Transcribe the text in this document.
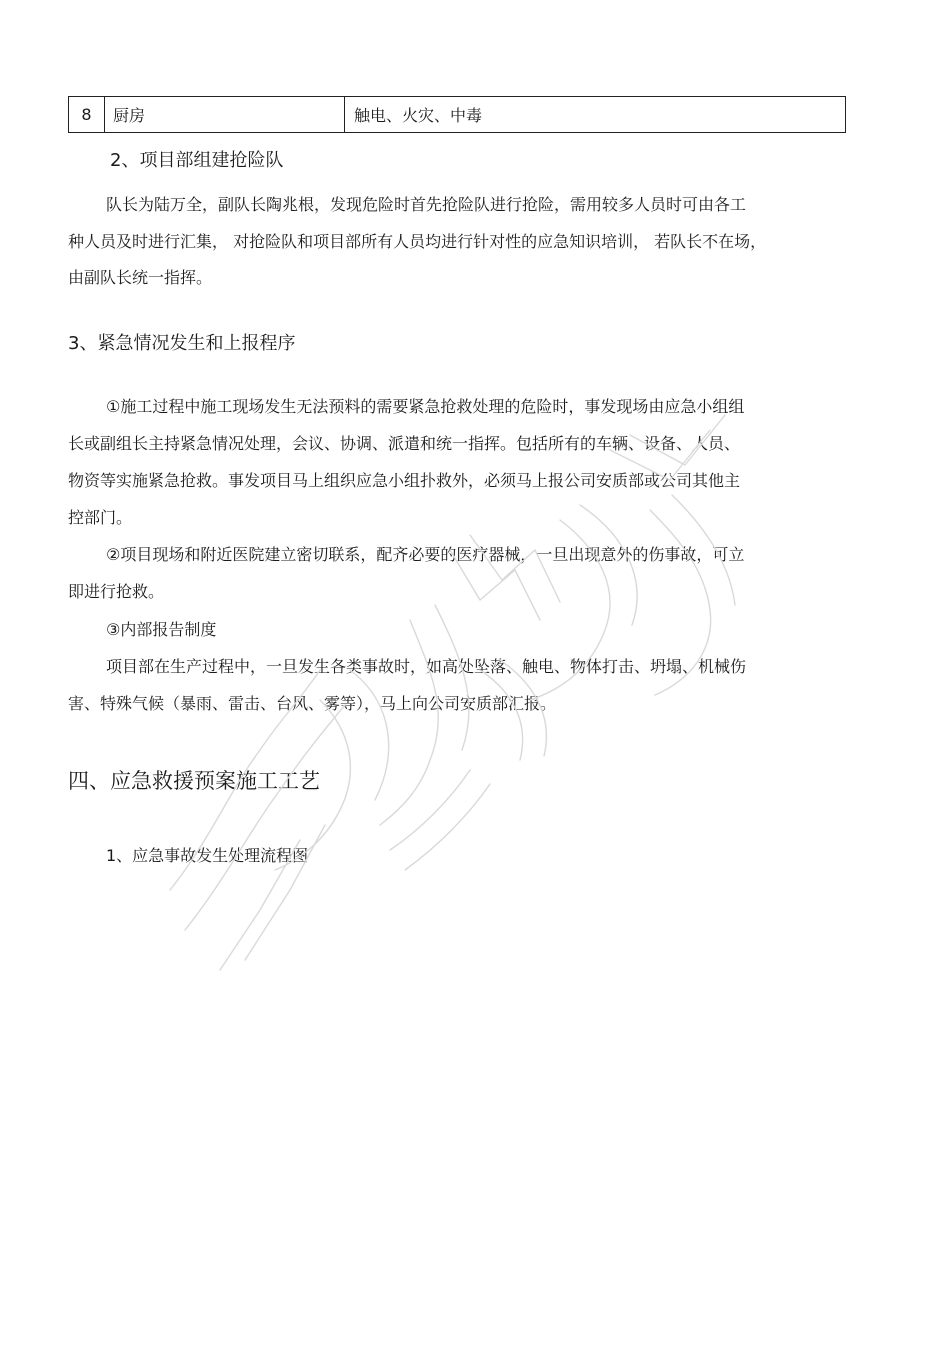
8	厨房	触电、火灾、中毒
2、项目部组建抢险队
队长为陆万全，副队长陶兆根，发现危险时首先抢险队进行抢险，需用较多人员时可由各工
种人员及时进行汇集， 对抢险队和项目部所有人员均进行针对性的应急知识培训， 若队长不在场，
由副队长统一指挥。
3、紧急情况发生和上报程序
①施工过程中施工现场发生无法预料的需要紧急抢救处理的危险时，事发现场由应急小组组
长或副组长主持紧急情况处理，会议、协调、派遣和统一指挥。包括所有的车辆、设备、人员、
物资等实施紧急抢救。事发项目马上组织应急小组扑救外，必须马上报公司安质部或公司其他主
控部门。
②项目现场和附近医院建立密切联系，配齐必要的医疗器械，一旦出现意外的伤事故，可立
即进行抢救。
③内部报告制度
项目部在生产过程中，一旦发生各类事故时，如高处坠落、触电、物体打击、坍塌、机械伤
害、特殊气候（暴雨、雷击、台风、雾等），马上向公司安质部汇报。
四、应急救援预案施工工艺
1、应急事故发生处理流程图
